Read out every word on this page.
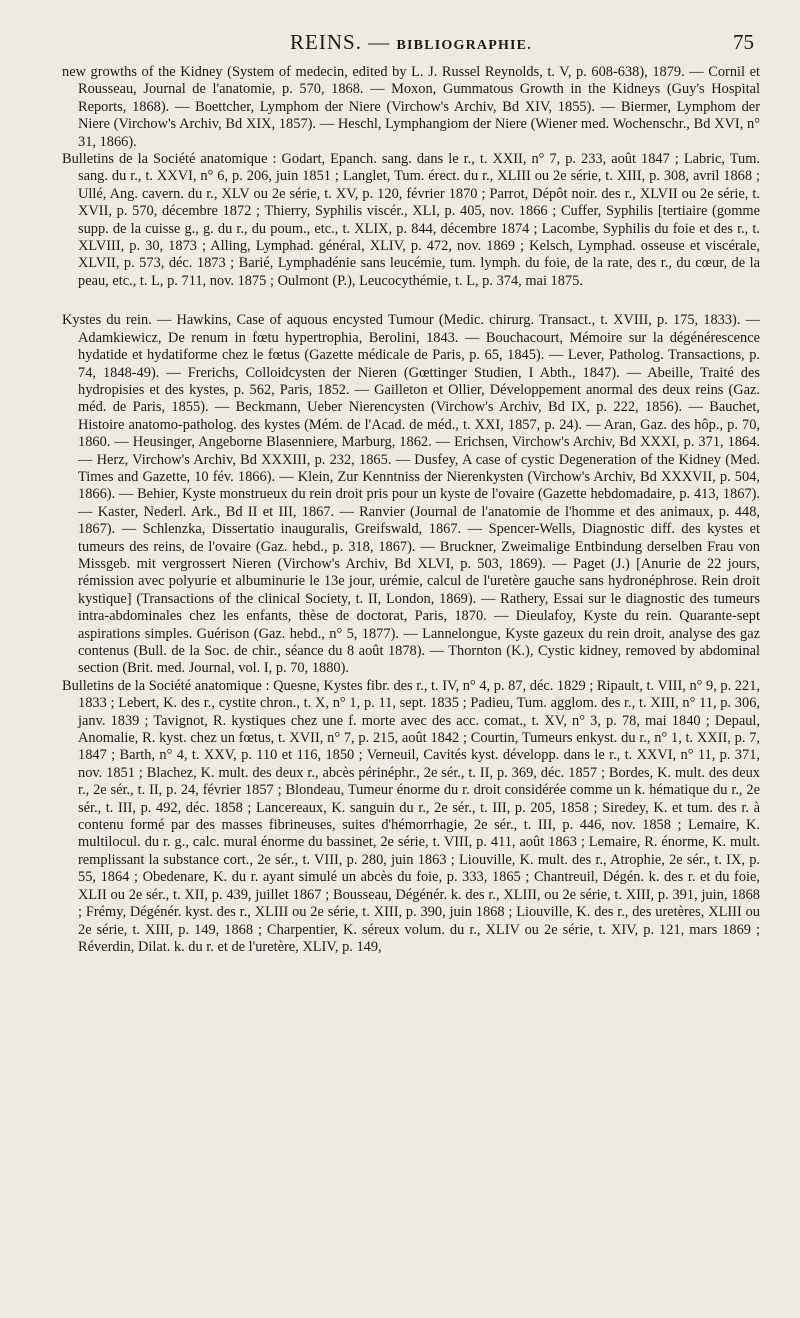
REINS. — BIBLIOGRAPHIE.	75

new growths of the Kidney (System of medecin, edited by L. J. Russel Reynolds, t. V, p. 608-638), 1879. — Cornil et Rousseau, Journal de l'anatomie, p. 570, 1868. — Moxon, Gummatous Growth in the Kidneys (Guy's Hospital Reports, 1868). — Boettcher, Lymphom der Niere (Virchow's Archiv, Bd XIV, 1855). — Biermer, Lymphom der Niere (Virchow's Archiv, Bd XIX, 1857). — Heschl, Lymphangiom der Niere (Wiener med. Wochenschr., Bd XVI, n° 31, 1866).

Bulletins de la Société anatomique : Godart, Epanch. sang. dans le r., t. XXII, n° 7, p. 233, août 1847 ; Labric, Tum. sang. du r., t. XXVI, n° 6, p. 206, juin 1851 ; Langlet, Tum. érect. du r., XLIII ou 2e série, t. XIII, p. 308, avril 1868 ; Ullé, Ang. cavern. du r., XLV ou 2e série, t. XV, p. 120, février 1870 ; Parrot, Dépôt noir. des r., XLVII ou 2e série, t. XVII, p. 570, décembre 1872 ; Thierry, Syphilis viscér., XLI, p. 405, nov. 1866 ; Cuffer, Syphilis [tertiaire (gomme supp. de la cuisse g., g. du r., du poum., etc., t. XLIX, p. 844, décembre 1874 ; Lacombe, Syphilis du foie et des r., t. XLVIII, p. 30, 1873 ; Alling, Lymphad. général, XLIV, p. 472, nov. 1869 ; Kelsch, Lymphad. osseuse et viscérale, XLVII, p. 573, déc. 1873 ; Barié, Lymphadénie sans leucémie, tum. lymph. du foie, de la rate, des r., du cœur, de la peau, etc., t. L, p. 711, nov. 1875 ; Oulmont (P.), Leucocythémie, t. L, p. 374, mai 1875.

Kystes du rein. — Hawkins, Case of aquous encysted Tumour (Medic. chirurg. Transact., t. XVIII, p. 175, 1833). — Adamkiewicz, De renum in fœtu hypertrophia, Berolini, 1843. — Bouchacourt, Mémoire sur la dégénérescence hydatide et hydatiforme chez le fœtus (Gazette médicale de Paris, p. 65, 1845). — Lever, Patholog. Transactions, p. 74, 1848-49). — Frerichs, Colloidcysten der Nieren (Gœttinger Studien, I Abth., 1847). — Abeille, Traité des hydropisies et des kystes, p. 562, Paris, 1852. — Gailleton et Ollier, Développement anormal des deux reins (Gaz. méd. de Paris, 1855). — Beckmann, Ueber Nierencysten (Virchow's Archiv, Bd IX, p. 222, 1856). — Bauchet, Histoire anatomo-patholog. des kystes (Mém. de l'Acad. de méd., t. XXI, 1857, p. 24). — Aran, Gaz. des hôp., p. 70, 1860. — Heusinger, Angeborne Blasenniere, Marburg, 1862. — Erichsen, Virchow's Archiv, Bd XXXI, p. 371, 1864. — Herz, Virchow's Archiv, Bd XXXIII, p. 232, 1865. — Dusfey, A case of cystic Degeneration of the Kidney (Med. Times and Gazette, 10 fév. 1866). — Klein, Zur Kenntniss der Nierenkysten (Virchow's Archiv, Bd XXXVII, p. 504, 1866). — Behier, Kyste monstrueux du rein droit pris pour un kyste de l'ovaire (Gazette hebdomadaire, p. 413, 1867). — Kaster, Nederl. Ark., Bd II et III, 1867. — Ranvier (Journal de l'anatomie de l'homme et des animaux, p. 448, 1867). — Schlenzka, Dissertatio inauguralis, Greifswald, 1867. — Spencer-Wells, Diagnostic diff. des kystes et tumeurs des reins, de l'ovaire (Gaz. hebd., p. 318, 1867). — Bruckner, Zweimalige Entbindung derselben Frau von Missgeb. mit vergrossert Nieren (Virchow's Archiv, Bd XLVI, p. 503, 1869). — Paget (J.) [Anurie de 22 jours, rémission avec polyurie et albuminurie le 13e jour, urémie, calcul de l'uretère gauche sans hydronéphrose. Rein droit kystique] (Transactions of the clinical Society, t. II, London, 1869). — Rathery, Essai sur le diagnostic des tumeurs intra-abdominales chez les enfants, thèse de doctorat, Paris, 1870. — Dieulafoy, Kyste du rein. Quarante-sept aspirations simples. Guérison (Gaz. hebd., n° 5, 1877). — Lannelongue, Kyste gazeux du rein droit, analyse des gaz contenus (Bull. de la Soc. de chir., séance du 8 août 1878). — Thornton (K.), Cystic kidney, removed by abdominal section (Brit. med. Journal, vol. I, p. 70, 1880).

Bulletins de la Société anatomique : Quesne, Kystes fibr. des r., t. IV, n° 4, p. 87, déc. 1829 ; Ripault, t. VIII, n° 9, p. 221, 1833 ; Lebert, K. des r., cystite chron., t. X, n° 1, p. 11, sept. 1835 ; Padieu, Tum. agglom. des r., t. XIII, n° 11, p. 306, janv. 1839 ; Tavignot, R. kystiques chez une f. morte avec des acc. comat., t. XV, n° 3, p. 78, mai 1840 ; Depaul, Anomalie, R. kyst. chez un fœtus, t. XVII, n° 7, p. 215, août 1842 ; Courtin, Tumeurs enkyst. du r., n° 1, t. XXII, p. 7, 1847 ; Barth, n° 4, t. XXV, p. 110 et 116, 1850 ; Verneuil, Cavités kyst. développ. dans le r., t. XXVI, n° 11, p. 371, nov. 1851 ; Blachez, K. mult. des deux r., abcès périnéphr., 2e sér., t. II, p. 369, déc. 1857 ; Bordes, K. mult. des deux r., 2e sér., t. II, p. 24, février 1857 ; Blondeau, Tumeur énorme du r. droit considérée comme un k. hématique du r., 2e sér., t. III, p. 492, déc. 1858 ; Lancereaux, K. sanguin du r., 2e sér., t. III, p. 205, 1858 ; Siredey, K. et tum. des r. à contenu formé par des masses fibrineuses, suites d'hémorrhagie, 2e sér., t. III, p. 446, nov. 1858 ; Lemaire, K. multilocul. du r. g., calc. mural énorme du bassinet, 2e série, t. VIII, p. 411, août 1863 ; Lemaire, R. énorme, K. mult. remplissant la substance cort., 2e sér., t. VIII, p. 280, juin 1863 ; Liouville, K. mult. des r., Atrophie, 2e sér., t. IX, p. 55, 1864 ; Obedenare, K. du r. ayant simulé un abcès du foie, p. 333, 1865 ; Chantreuil, Dégén. k. des r. et du foie, XLII ou 2e sér., t. XII, p. 439, juillet 1867 ; Bousseau, Dégénér. k. des r., XLIII, ou 2e série, t. XIII, p. 391, juin, 1868 ; Frémy, Dégénér. kyst. des r., XLIII ou 2e série, t. XIII, p. 390, juin 1868 ; Liouville, K. des r., des uretères, XLIII ou 2e série, t. XIII, p. 149, 1868 ; Charpentier, K. séreux volum. du r., XLIV ou 2e série, t. XIV, p. 121, mars 1869 ; Réverdin, Dilat. k. du r. et de l'uretère, XLIV, p. 149,
